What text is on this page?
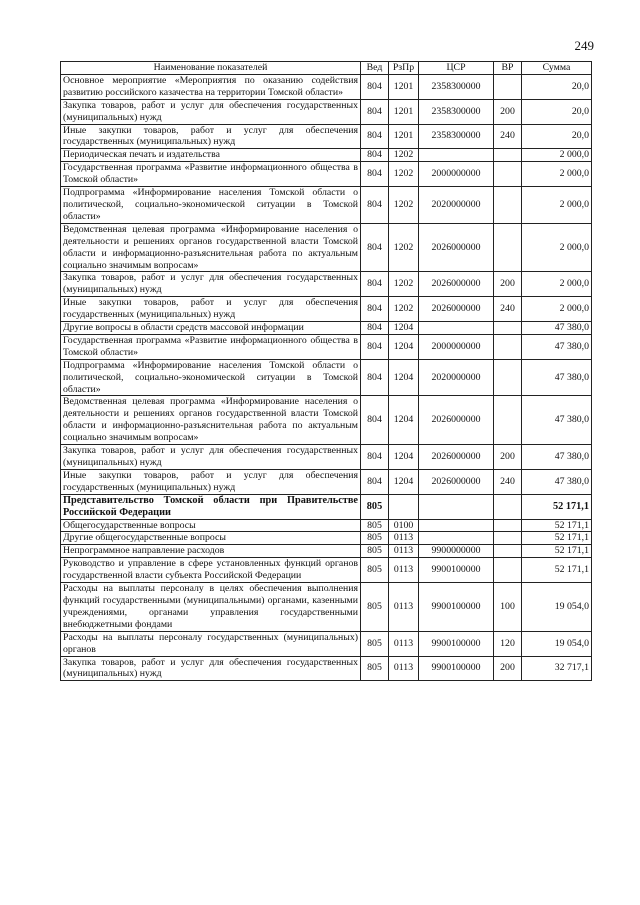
249
Наименование показателей	Вед	РзПр	ЦСР	ВР	Сумма
Основное мероприятие «Мероприятия по оказанию содействия развитию российского казачества на территории Томской области»	804	1201	2358300000		20,0
Закупка товаров, работ и услуг для обеспечения государственных (муниципальных) нужд	804	1201	2358300000	200	20,0
Иные закупки товаров, работ и услуг для обеспечения государственных (муниципальных) нужд	804	1201	2358300000	240	20,0
Периодическая печать и издательства	804	1202			2 000,0
Государственная программа «Развитие информационного общества в Томской области»	804	1202	2000000000		2 000,0
Подпрограмма «Информирование населения Томской области о политической, социально-экономической ситуации в Томской области»	804	1202	2020000000		2 000,0
Ведомственная целевая программа «Информирование населения о деятельности и решениях органов государственной власти Томской области и информационно-разъяснительная работа по актуальным социально значимым вопросам»	804	1202	2026000000		2 000,0
Закупка товаров, работ и услуг для обеспечения государственных (муниципальных) нужд	804	1202	2026000000	200	2 000,0
Иные закупки товаров, работ и услуг для обеспечения государственных (муниципальных) нужд	804	1202	2026000000	240	2 000,0
Другие вопросы в области средств массовой информации	804	1204			47 380,0
Государственная программа «Развитие информационного общества в Томской области»	804	1204	2000000000		47 380,0
Подпрограмма «Информирование населения Томской области о политической, социально-экономической ситуации в Томской области»	804	1204	2020000000		47 380,0
Ведомственная целевая программа «Информирование населения о деятельности и решениях органов государственной власти Томской области и информационно-разъяснительная работа по актуальным социально значимым вопросам»	804	1204	2026000000		47 380,0
Закупка товаров, работ и услуг для обеспечения государственных (муниципальных) нужд	804	1204	2026000000	200	47 380,0
Иные закупки товаров, работ и услуг для обеспечения государственных (муниципальных) нужд	804	1204	2026000000	240	47 380,0
Представительство Томской области при Правительстве Российской Федерации	805				52 171,1
Общегосударственные вопросы	805	0100			52 171,1
Другие общегосударственные вопросы	805	0113			52 171,1
Непрограммное направление расходов	805	0113	9900000000		52 171,1
Руководство и управление в сфере установленных функций органов государственной власти субъекта Российской Федерации	805	0113	9900100000		52 171,1
Расходы на выплаты персоналу в целях обеспечения выполнения функций государственными (муниципальными) органами, казенными учреждениями, органами управления государственными внебюджетными фондами	805	0113	9900100000	100	19 054,0
Расходы на выплаты персоналу государственных (муниципальных) органов	805	0113	9900100000	120	19 054,0
Закупка товаров, работ и услуг для обеспечения государственных (муниципальных) нужд	805	0113	9900100000	200	32 717,1
